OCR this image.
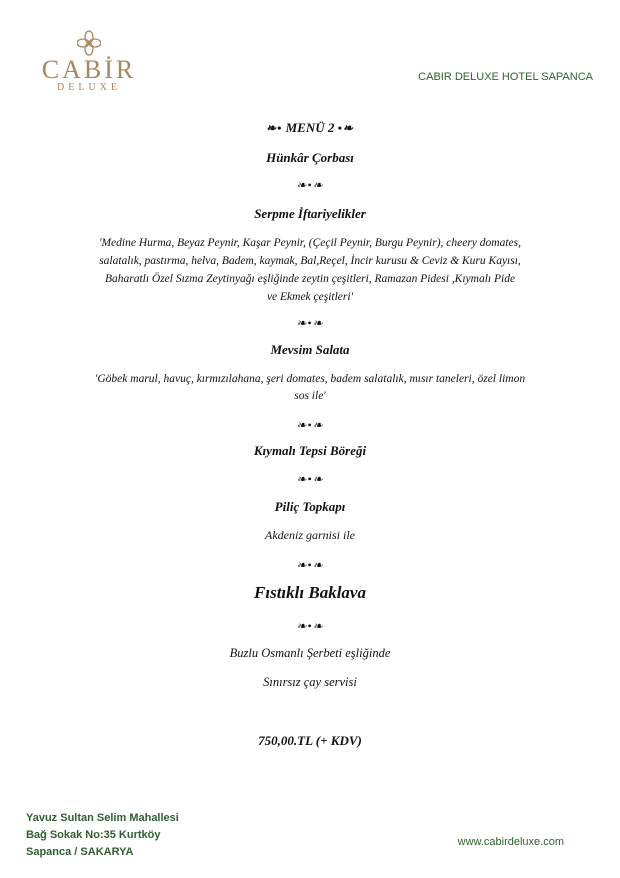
CABİR
DELUXE
CABIR DELUXE HOTEL SAPANCA
❧• MENÜ 2 •❧
Hünkâr Çorbası
❧•❧
Serpme İftariyelikler
'Medine Hurma, Beyaz Peynir, Kaşar Peynir, (Çeçil Peynir, Burgu Peynir), cheery domates,
salatalık, pastırma, helva, Badem, kaymak, Bal,Reçel, İncir kurusu & Ceviz & Kuru Kayısı,
Baharatlı Özel Sızma Zeytinyağı eşliğinde zeytin çeşitleri, Ramazan Pidesi ,Kıymalı Pide
ve Ekmek çeşitleri'
❧•❧
Mevsim Salata
'Göbek marul, havuç, kırmızılahana, şeri domates, badem salatalık, mısır taneleri, özel limon
sos ile'
❧•❧
Kıymalı Tepsi Böreği
❧•❧
Piliç Topkapı
Akdeniz garnisi ile
❧•❧
Fıstıklı Baklava
❧•❧
Buzlu Osmanlı Şerbeti eşliğinde
Sınırsız çay servisi
750,00.TL (+ KDV)
Yavuz Sultan Selim Mahallesi
Bağ Sokak No:35 Kurtköy
Sapanca / SAKARYA
www.cabirdeluxe.com
